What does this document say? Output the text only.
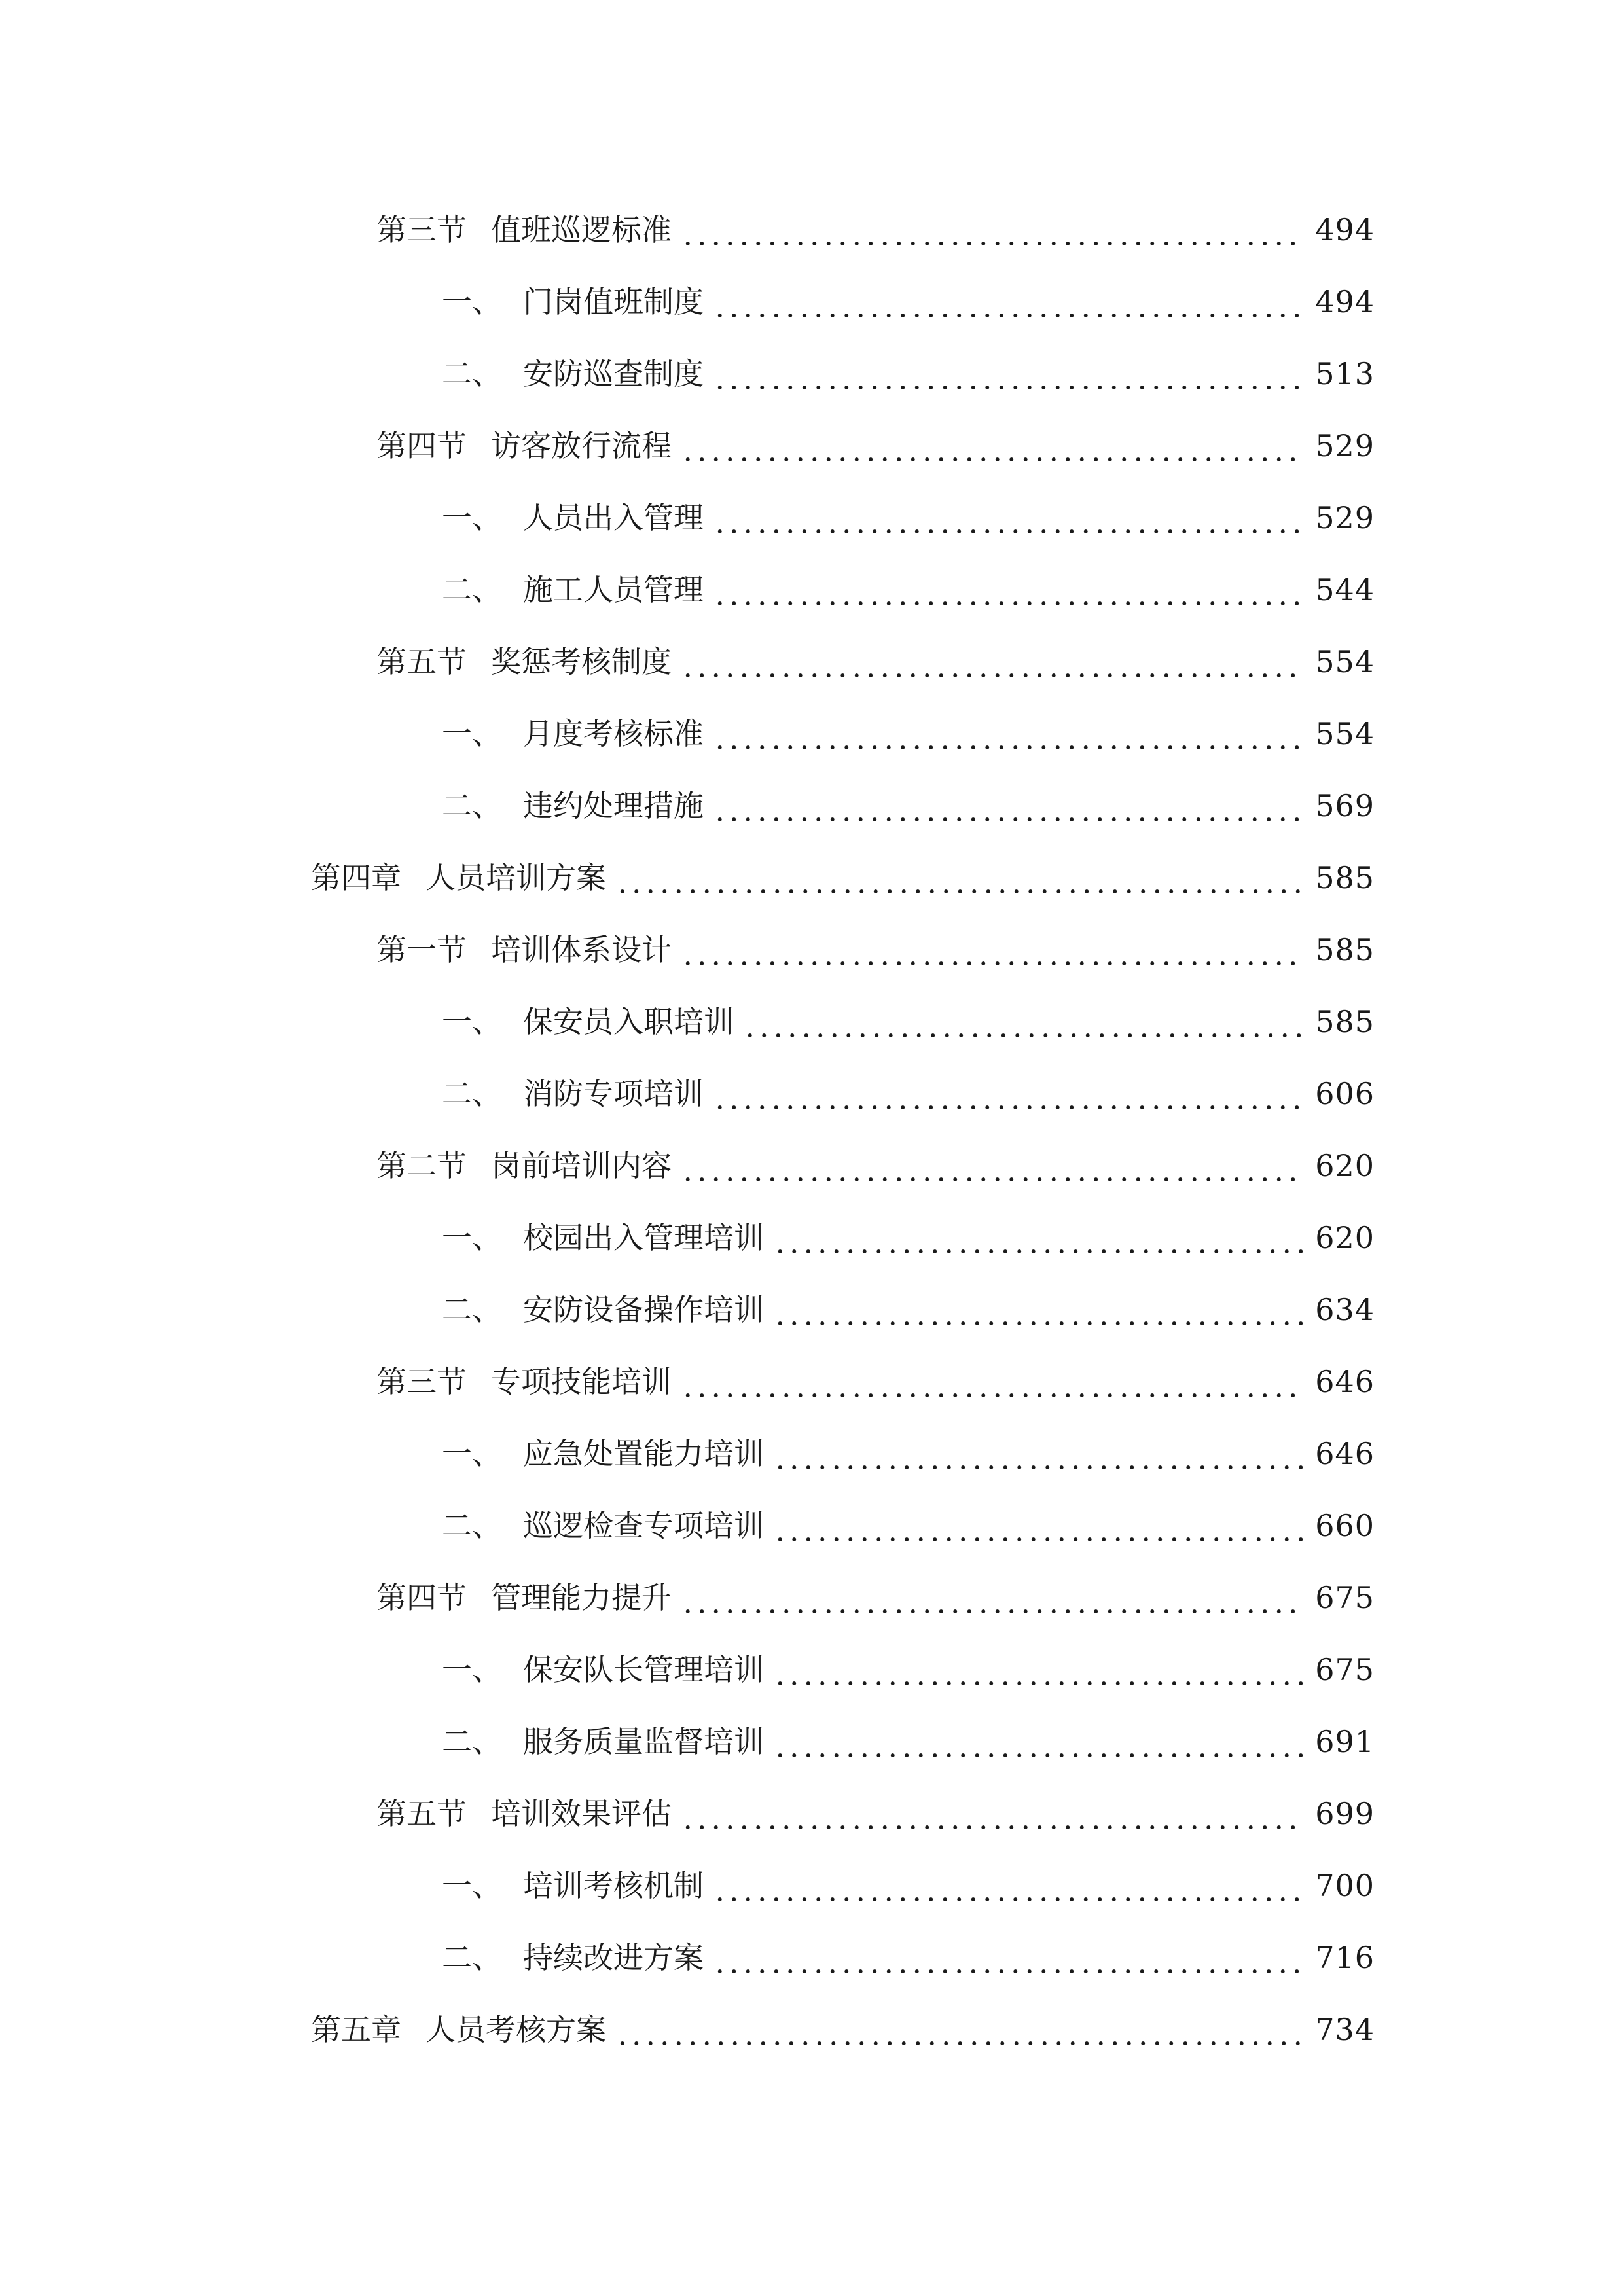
第三节 值班巡逻标准	494
一、 门岗值班制度	494
二、 安防巡查制度	513
第四节 访客放行流程	529
一、 人员出入管理	529
二、 施工人员管理	544
第五节 奖惩考核制度	554
一、 月度考核标准	554
二、 违约处理措施	569
第四章 人员培训方案	585
第一节 培训体系设计	585
一、 保安员入职培训	585
二、 消防专项培训	606
第二节 岗前培训内容	620
一、 校园出入管理培训	620
二、 安防设备操作培训	634
第三节 专项技能培训	646
一、 应急处置能力培训	646
二、 巡逻检查专项培训	660
第四节 管理能力提升	675
一、 保安队长管理培训	675
二、 服务质量监督培训	691
第五节 培训效果评估	699
一、 培训考核机制	700
二、 持续改进方案	716
第五章 人员考核方案	734
